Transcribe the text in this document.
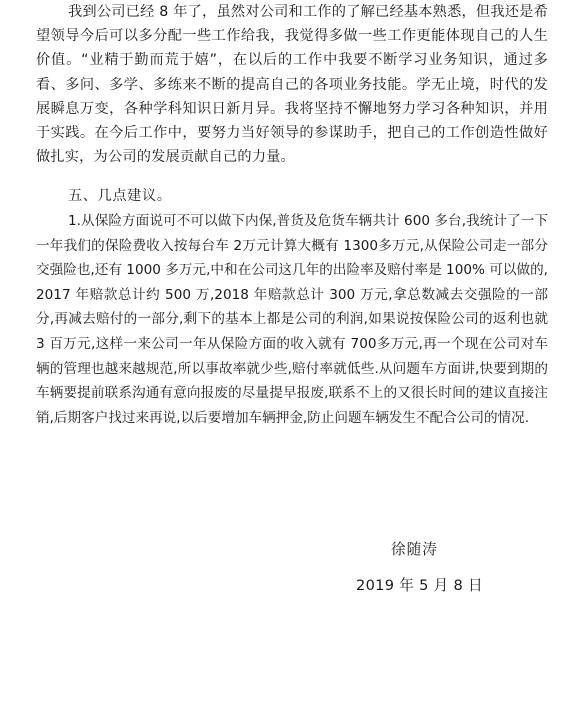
我到公司已经 8 年了，虽然对公司和工作的了解已经基本熟悉，但我还是希望领导今后可以多分配一些工作给我，我觉得多做一些工作更能体现自己的人生价值。“业精于勤而荒于嬉”，在以后的工作中我要不断学习业务知识，通过多看、多问、多学、多练来不断的提高自己的各项业务技能。学无止境，时代的发展瞬息万变，各种学科知识日新月异。我将坚持不懈地努力学习各种知识，并用于实践。在今后工作中，要努力当好领导的参谋助手，把自己的工作创造性做好做扎实，为公司的发展贡献自己的力量。

五、几点建议。

1.从保险方面说可不可以做下内保,普货及危货车辆共计 600 多台,我统计了一下一年我们的保险费收入按每台车 2万元计算大概有 1300多万元,从保险公司走一部分交强险也,还有 1000 多万元,中和在公司这几年的出险率及赔付率是 100% 可以做的,2017 年赔款总计约 500 万,2018 年赔款总计 300 万元,拿总数减去交强险的一部分,再减去赔付的一部分,剩下的基本上都是公司的利润,如果说按保险公司的返利也就 3 百万元,这样一来公司一年从保险方面的收入就有 700多万元,再一个现在公司对车辆的管理也越来越规范,所以事故率就少些,赔付率就低些.从问题车方面讲,快要到期的车辆要提前联系沟通有意向报废的尽量提早报废,联系不上的又很长时间的建议直接注销,后期客户找过来再说,以后要增加车辆押金,防止问题车辆发生不配合公司的情况.

徐随涛

2019 年 5 月 8 日
